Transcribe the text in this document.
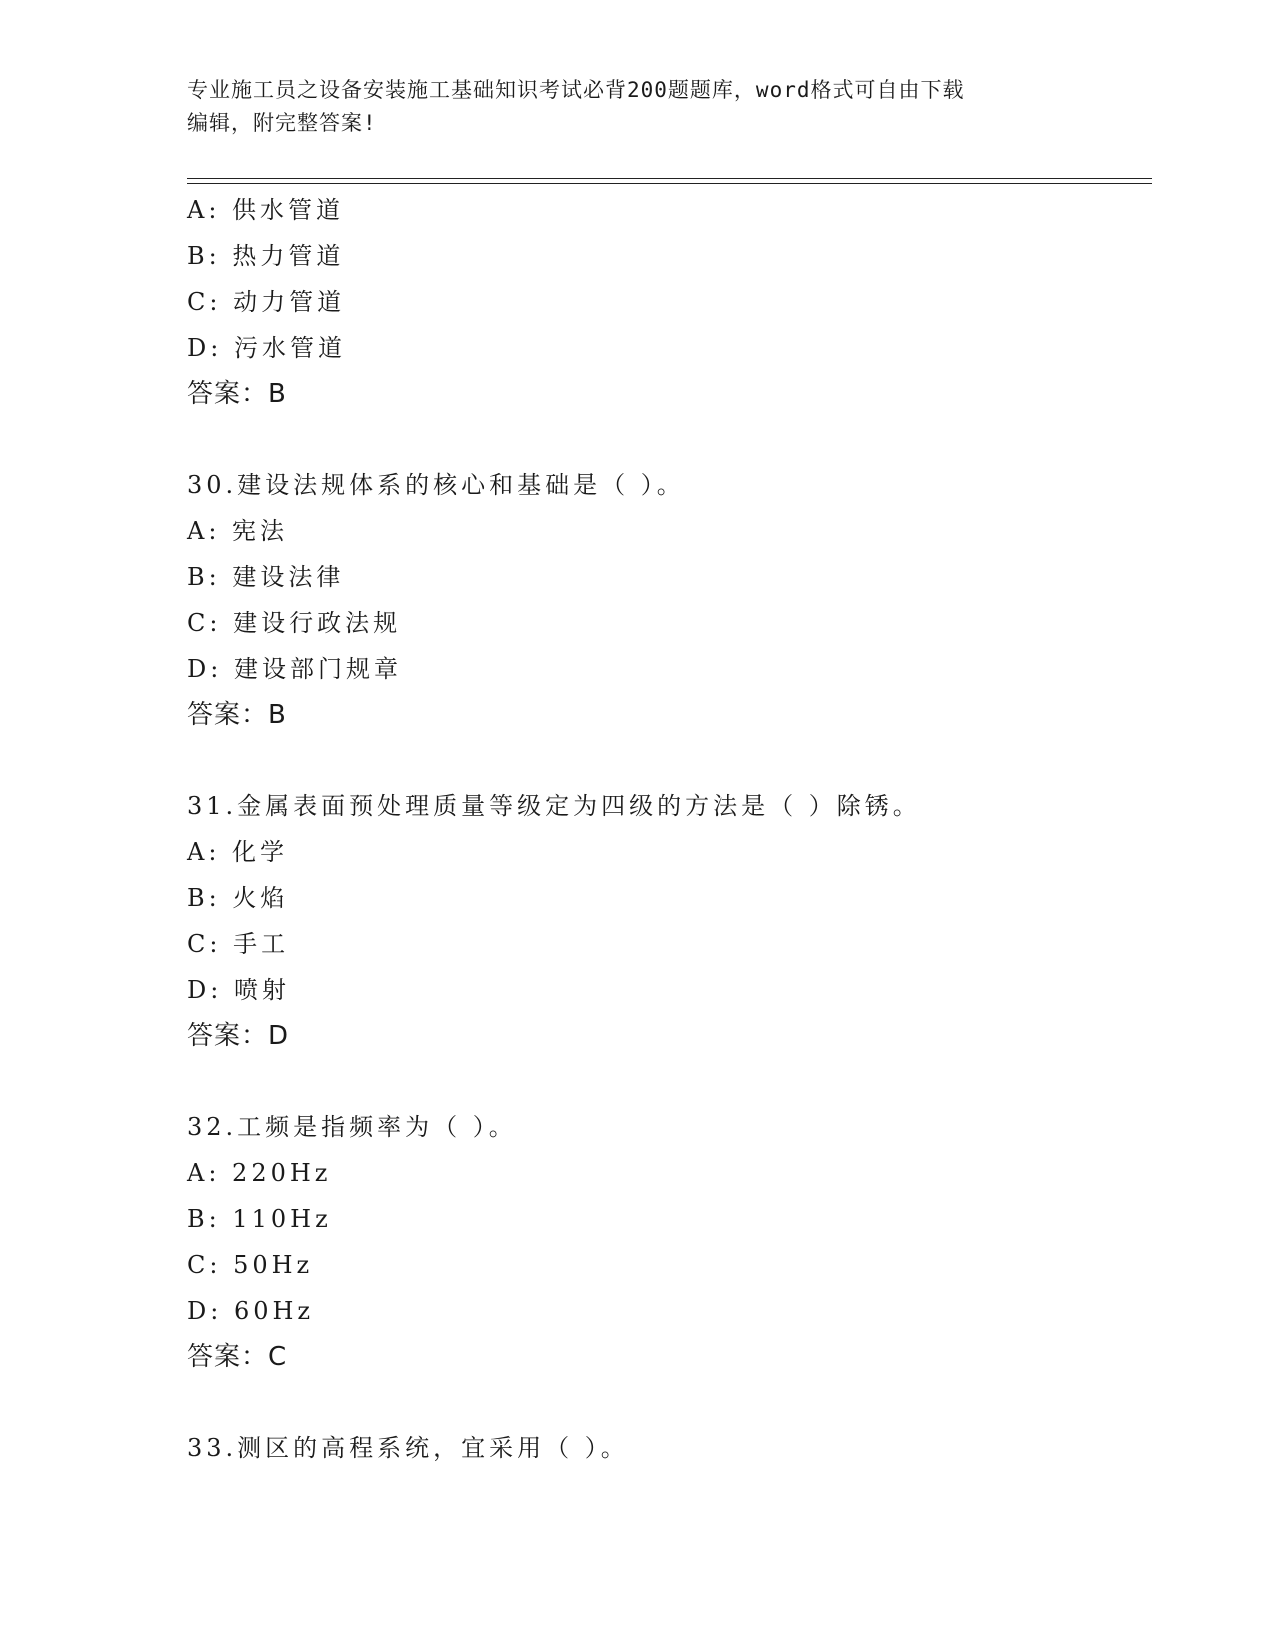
专业施工员之设备安装施工基础知识考试必背200题题库，word格式可自由下载
编辑，附完整答案!
A: 供水管道
B: 热力管道
C: 动力管道
D: 污水管道
答案：B
30.建设法规体系的核心和基础是（ ）。
A: 宪法
B: 建设法律
C: 建设行政法规
D: 建设部门规章
答案：B
31.金属表面预处理质量等级定为四级的方法是（ ）除锈。
A: 化学
B: 火焰
C: 手工
D: 喷射
答案：D
32.工频是指频率为（ ）。
A: 220Hz
B: 110Hz
C: 50Hz
D: 60Hz
答案：C
33.测区的高程系统，宜采用（ ）。
